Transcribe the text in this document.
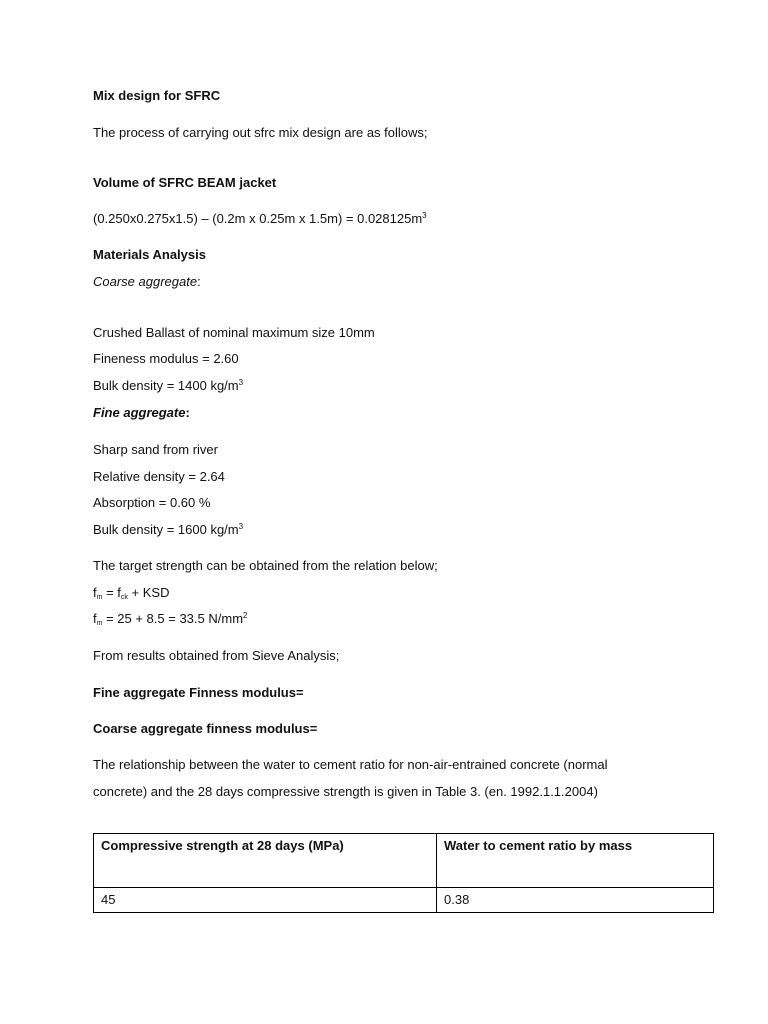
Mix design for SFRC
The process of carrying out sfrc mix design are as follows;
Volume of SFRC BEAM jacket
(0.250x0.275x1.5) – (0.2m x 0.25m x $1.5m) = 0.028125m^3$
Materials Analysis
Coarse aggregate:
Crushed Ballast of nominal maximum size 10mm
Fineness modulus = 2.60
Bulk density = 1400 $kg/m^3$
Fine aggregate:
Sharp sand from river
Relative density = 2.64
Absorption = 0.60 %
Bulk density = 1600 $kg/m^3$
The target strength can be obtained from the relation below;
$f_m = f_{ck}$ + KSD
$f_m = 25 + 8.5 = 33.5$ $N/mm^2$
From results obtained from Sieve Analysis;
Fine aggregate Finness modulus=
Coarse aggregate finness modulus=
The relationship between the water to cement ratio for non-air-entrained concrete (normal
concrete) and the 28 days compressive strength is given in Table 3. (en. 1992.1.1.2004)
Compressive strength at 28 days (MPa)	Water to cement ratio by mass
45	0.38
